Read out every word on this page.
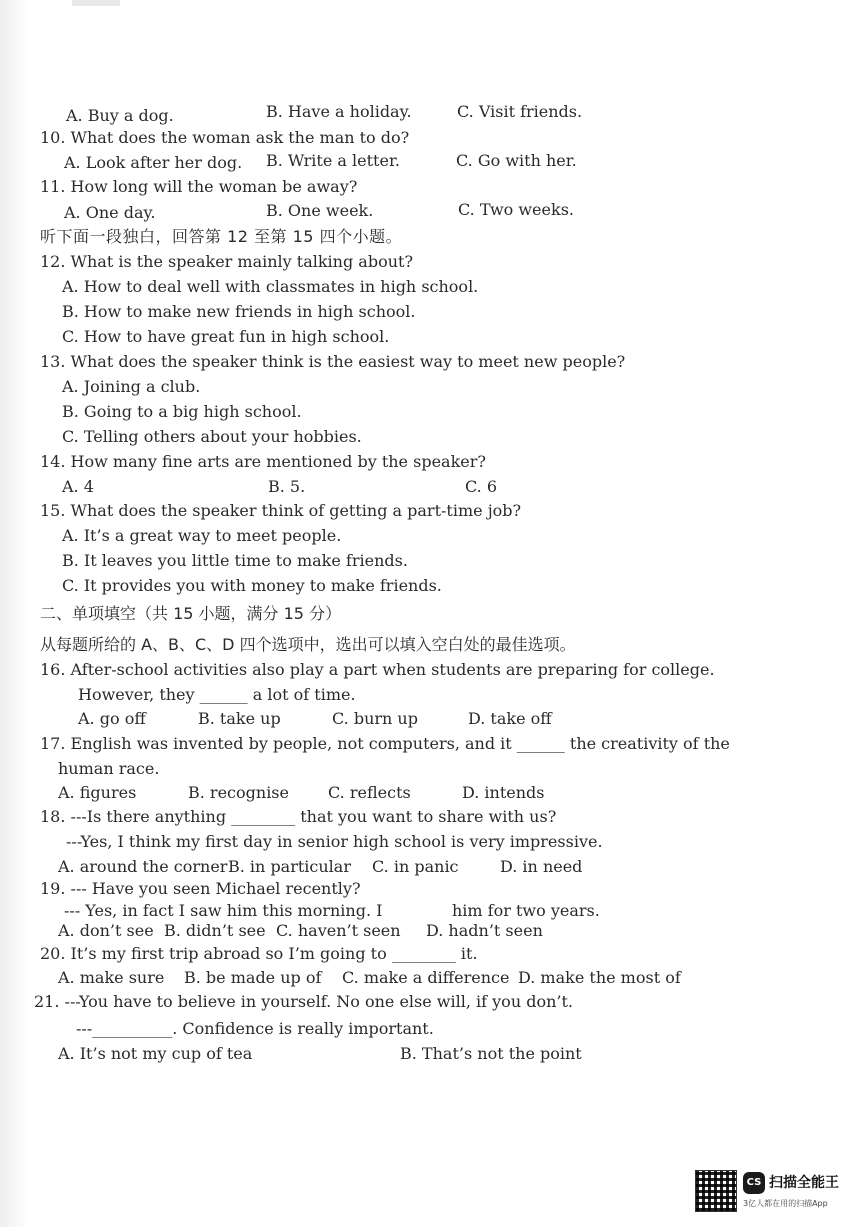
A. Buy a dog.	B. Have a holiday.	C. Visit friends.
10. What does the woman ask the man to do?
A. Look after her dog. B. Write a letter.	C. Go with her.
11. How long will the woman be away?
A. One day.	B. One week.	C. Two weeks.
听下面一段独白，回答第 12 至第 15 四个小题。
12. What is the speaker mainly talking about?
A. How to deal well with classmates in high school.
B. How to make new friends in high school.
C. How to have great fun in high school.
13. What does the speaker think is the easiest way to meet new people?
A. Joining a club.
B. Going to a big high school.
C. Telling others about your hobbies.
14. How many fine arts are mentioned by the speaker?
A. 4	B. 5.	C. 6
15. What does the speaker think of getting a part-time job?
A. It’s a great way to meet people.
B. It leaves you little time to make friends.
C. It provides you with money to make friends.
二、单项填空（共 15 小题，满分 15 分）
从每题所给的 A、B、C、D 四个选项中，选出可以填入空白处的最佳选项。
16. After-school activities also play a part when students are preparing for college.
However, they ______ a lot of time.
A. go off	B. take up	C. burn up	D. take off
17. English was invented by people, not computers, and it ______ the creativity of the
human race.
A. figures	B. recognise C. reflects	D. intends
18. ---Is there anything ________ that you want to share with us?
---Yes, I think my first day in senior high school is very impressive.
A. around the corner B. in particular C. in panic	D. in need
19. --- Have you seen Michael recently?
--- Yes, in fact I saw him this morning. I	him for two years.
A. don’t see B. didn’t see C. haven’t seen D. hadn’t seen
20. It’s my first trip abroad so I’m going to ________ it.
A. make sure B. be made up of C. make a difference D. make the most of
21. ---You have to believe in yourself. No one else will, if you don’t.
---__________. Confidence is really important.
A. It’s not my cup of tea	B. That’s not the point
CS 扫描全能王
3亿人都在用的扫描App
